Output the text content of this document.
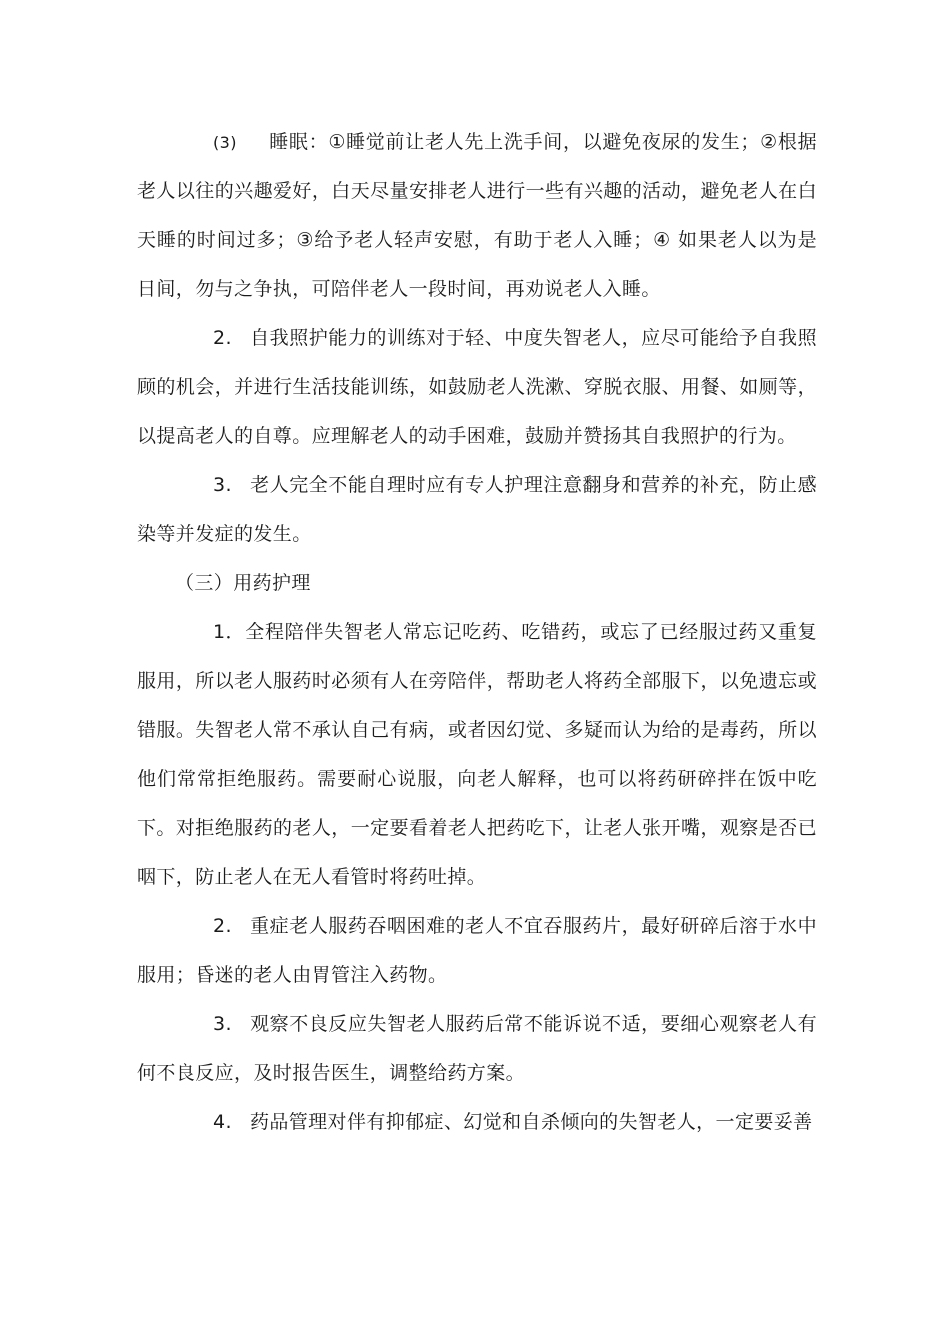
(3) 睡眠：①睡觉前让老人先上洗手间，以避免夜尿的发生；②根据老人以往的兴趣爱好，白天尽量安排老人进行一些有兴趣的活动，避免老人在白天睡的时间过多；③给予老人轻声安慰，有助于老人入睡；④ 如果老人以为是日间，勿与之争执，可陪伴老人一段时间，再劝说老人入睡。

2. 自我照护能力的训练对于轻、中度失智老人，应尽可能给予自我照顾的机会，并进行生活技能训练，如鼓励老人洗漱、穿脱衣服、用餐、如厕等，以提高老人的自尊。应理解老人的动手困难，鼓励并赞扬其自我照护的行为。

3. 老人完全不能自理时应有专人护理注意翻身和营养的补充，防止感染等并发症的发生。

（三）用药护理

1．全程陪伴失智老人常忘记吃药、吃错药，或忘了已经服过药又重复服用，所以老人服药时必须有人在旁陪伴，帮助老人将药全部服下，以免遗忘或错服。失智老人常不承认自己有病，或者因幻觉、多疑而认为给的是毒药，所以他们常常拒绝服药。需要耐心说服，向老人解释，也可以将药研碎拌在饭中吃下。对拒绝服药的老人，一定要看着老人把药吃下，让老人张开嘴，观察是否已咽下，防止老人在无人看管时将药吐掉。

2. 重症老人服药吞咽困难的老人不宜吞服药片，最好研碎后溶于水中服用；昏迷的老人由胃管注入药物。

3. 观察不良反应失智老人服药后常不能诉说不适，要细心观察老人有何不良反应，及时报告医生，调整给药方案。

4. 药品管理对伴有抑郁症、幻觉和自杀倾向的失智老人，一定要妥善
